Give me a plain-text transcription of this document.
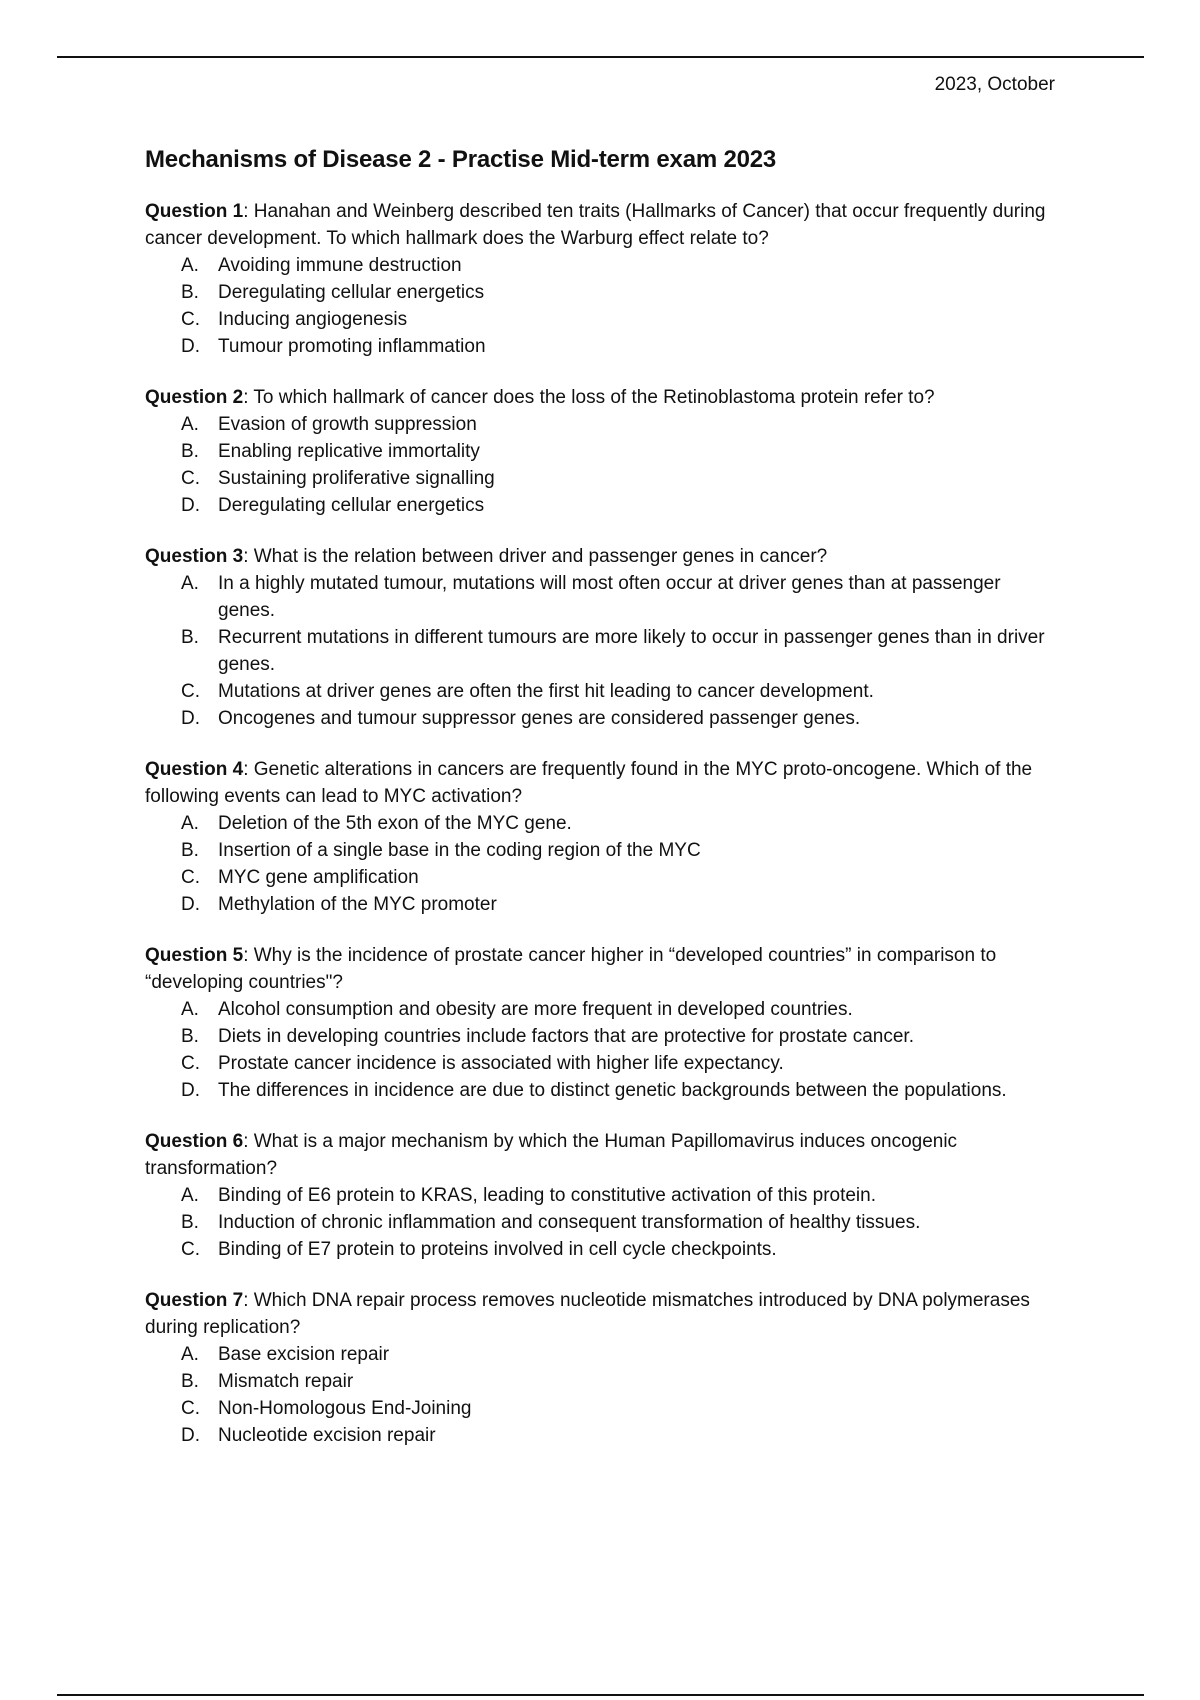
2023, October
Mechanisms of Disease 2 - Practise Mid-term exam 2023
Question 1: Hanahan and Weinberg described ten traits (Hallmarks of Cancer) that occur frequently during cancer development. To which hallmark does the Warburg effect relate to?
A.	Avoiding immune destruction
B.	Deregulating cellular energetics
C. Inducing angiogenesis
D. Tumour promoting inflammation
Question 2: To which hallmark of cancer does the loss of the Retinoblastoma protein refer to?
A.	Evasion of growth suppression
B.	Enabling replicative immortality
C. Sustaining proliferative signalling
D. Deregulating cellular energetics
Question 3: What is the relation between driver and passenger genes in cancer?
A.	In a highly mutated tumour, mutations will most often occur at driver genes than at passenger genes.
B.	Recurrent mutations in different tumours are more likely to occur in passenger genes than in driver genes.
C. Mutations at driver genes are often the first hit leading to cancer development.
D. Oncogenes and tumour suppressor genes are considered passenger genes.
Question 4: Genetic alterations in cancers are frequently found in the MYC proto-oncogene. Which of the following events can lead to MYC activation?
A.	Deletion of the 5th exon of the MYC gene.
B.	Insertion of a single base in the coding region of the MYC
C. MYC gene amplification
D. Methylation of the MYC promoter
Question 5: Why is the incidence of prostate cancer higher in “developed countries” in comparison to “developing countries"?
A.	Alcohol consumption and obesity are more frequent in developed countries.
B.	Diets in developing countries include factors that are protective for prostate cancer.
C. Prostate cancer incidence is associated with higher life expectancy.
D. The differences in incidence are due to distinct genetic backgrounds between the populations.
Question 6: What is a major mechanism by which the Human Papillomavirus induces oncogenic transformation?
A.	Binding of E6 protein to KRAS, leading to constitutive activation of this protein.
B.	Induction of chronic inflammation and consequent transformation of healthy tissues.
C. Binding of E7 protein to proteins involved in cell cycle checkpoints.
Question 7: Which DNA repair process removes nucleotide mismatches introduced by DNA polymerases during replication?
A.	Base excision repair
B.	Mismatch repair
C. Non-Homologous End-Joining
D. Nucleotide excision repair
